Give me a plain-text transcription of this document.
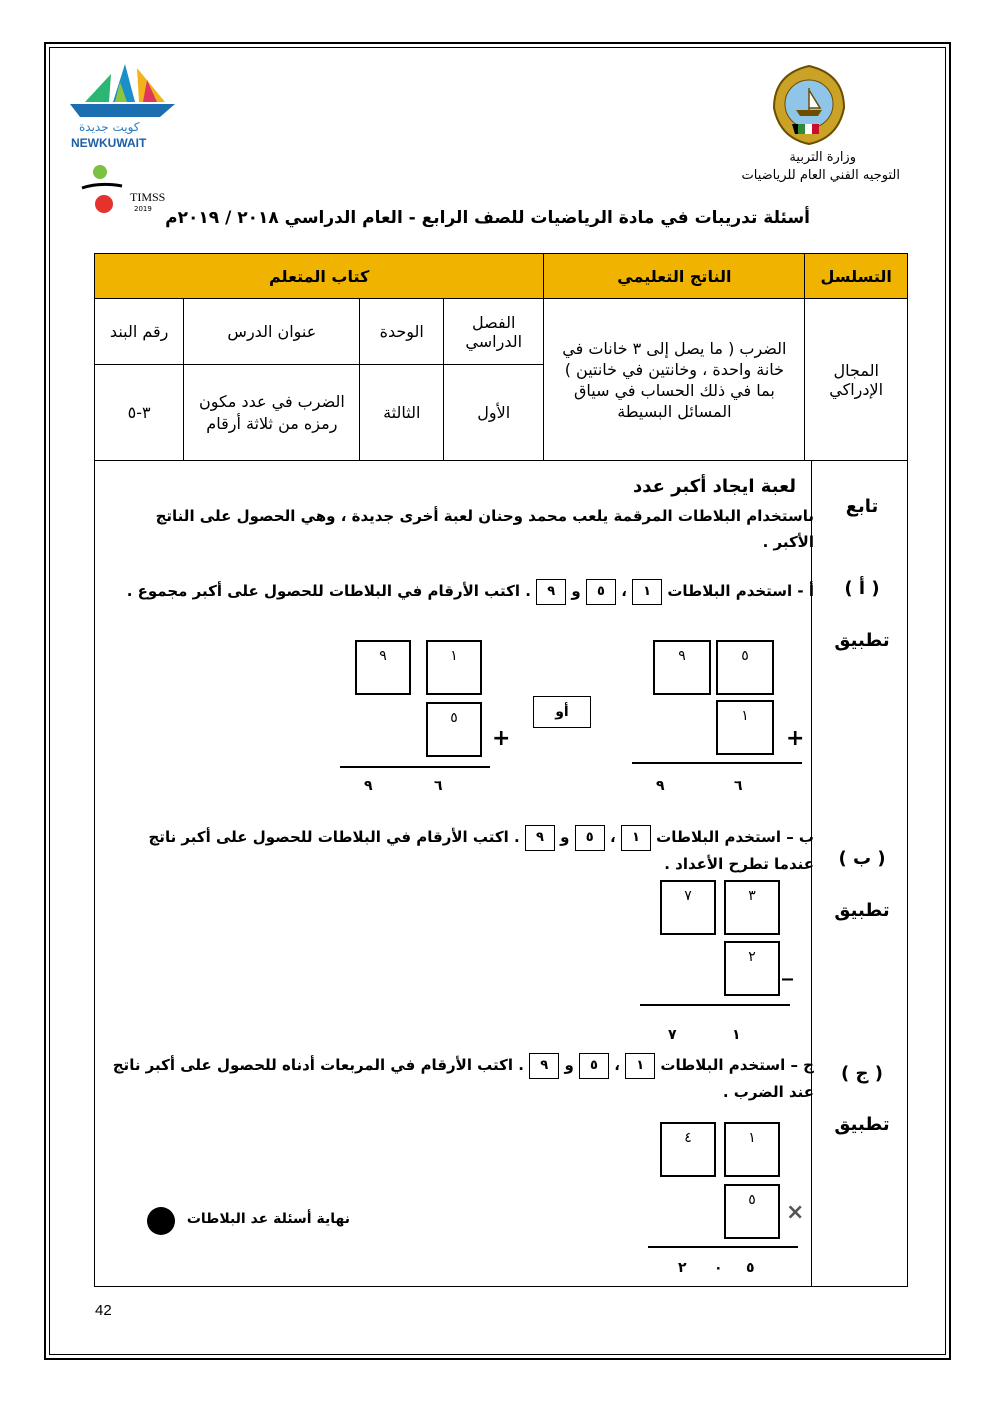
كويت جديدة
NEWKUWAIT
TIMSS
2019
وزارة التربية
التوجيه الفني العام للرياضيات
أسئلة تدريبات في مادة الرياضيات للصف الرابع - العام الدراسي ٢٠١٨ / ٢٠١٩م
التسلسل	الناتج التعليمي	كتاب المتعلم			
المجال الإدراكي	الضرب ( ما يصل إلى ٣ خانات في خانة واحدة ، وخانتين في خانتين ) بما في ذلك الحساب في سياق المسائل البسيطة	الفصل الدراسي	الوحدة	عنوان الدرس	رقم البند
		الأول	الثالثة	الضرب في عدد مكون رمزه من ثلاثة أرقام	٣-٥
تابع
لعبة ايجاد أكبر عدد
باستخدام البلاطات المرقمة يلعب محمد وحنان لعبة أخرى جديدة ، وهي الحصول على الناتج الأكبر .
( أ )
تطبيق
أ - استخدم البلاطات ١ ، ٥ و ٩ . اكتب الأرقام في البلاطات للحصول على أكبر مجموع .
٩	٥
١
+
٩	٦
أو
٩	١
٥
+
٩	٦
( ب )
تطبيق
ب – استخدم البلاطات ١ ، ٥ و ٩ . اكتب الأرقام في البلاطات للحصول على أكبر ناتج عندما تطرح الأعداد .
٧	٣
٢	_
٧	١
( ج )
تطبيق
ج – استخدم البلاطات ١ ، ٥ و ٩ . اكتب الأرقام في المربعات أدناه للحصول على أكبر ناتج عند الضرب .
٤	١
٥	×
٢ ٠ ٥
نهاية أسئلة عد البلاطات
42
